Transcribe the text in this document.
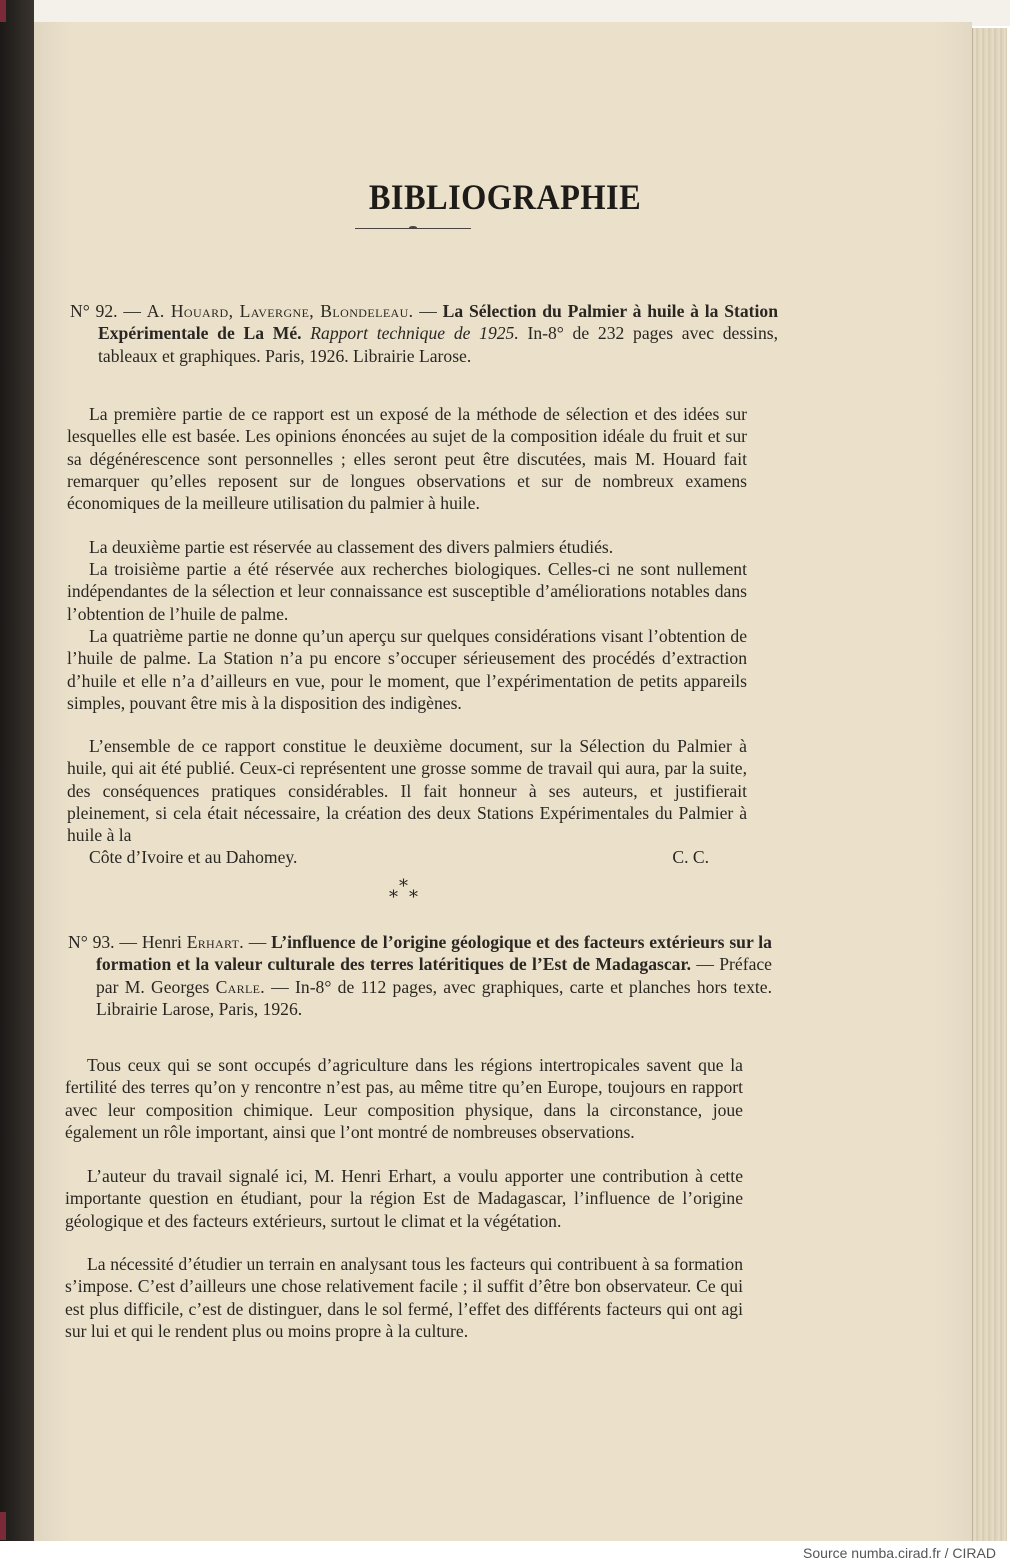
BIBLIOGRAPHIE

N° 92. — A. Houard, Lavergne, Blondeleau. — La Sélection du Palmier à huile à la Station Expérimentale de La Mé. Rapport technique de 1925. In-8° de 232 pages avec dessins, tableaux et graphiques. Paris, 1926. Librairie Larose.

La première partie de ce rapport est un exposé de la méthode de sélection et des idées sur lesquelles elle est basée. Les opinions énoncées au sujet de la composition idéale du fruit et sur sa dégénérescence sont personnelles ; elles seront peut être discutées, mais M. Houard fait remarquer qu’elles reposent sur de longues observations et sur de nombreux examens économiques de la meilleure utilisation du palmier à huile.

La deuxième partie est réservée au classement des divers palmiers étudiés.

La troisième partie a été réservée aux recherches biologiques. Celles-ci ne sont nullement indépendantes de la sélection et leur connaissance est susceptible d’améliorations notables dans l’obtention de l’huile de palme.

La quatrième partie ne donne qu’un aperçu sur quelques considérations visant l’obtention de l’huile de palme. La Station n’a pu encore s’occuper sérieusement des procédés d’extraction d’huile et elle n’a d’ailleurs en vue, pour le moment, que l’expérimentation de petits appareils simples, pouvant être mis à la disposition des indigènes.

L’ensemble de ce rapport constitue le deuxième document, sur la Sélection du Palmier à huile, qui ait été publié. Ceux-ci représentent une grosse somme de travail qui aura, par la suite, des conséquences pratiques considérables. Il fait honneur à ses auteurs, et justifierait pleinement, si cela était nécessaire, la création des deux Stations Expérimentales du Palmier à huile à la
Côte d’Ivoire et au Dahomey.	C. C.

*
* *

N° 93. — Henri Erhart. — L’influence de l’origine géologique et des facteurs extérieurs sur la formation et la valeur culturale des terres latéritiques de l’Est de Madagascar. — Préface par M. Georges Carle. — In-8° de 112 pages, avec graphiques, carte et planches hors texte. Librairie Larose, Paris, 1926.

Tous ceux qui se sont occupés d’agriculture dans les régions intertropicales savent que la fertilité des terres qu’on y rencontre n’est pas, au même titre qu’en Europe, toujours en rapport avec leur composition chimique. Leur composition physique, dans la circonstance, joue également un rôle important, ainsi que l’ont montré de nombreuses observations.

L’auteur du travail signalé ici, M. Henri Erhart, a voulu apporter une contribution à cette importante question en étudiant, pour la région Est de Madagascar, l’influence de l’origine géologique et des facteurs extérieurs, surtout le climat et la végétation.

La nécessité d’étudier un terrain en analysant tous les facteurs qui contribuent à sa formation s’impose. C’est d’ailleurs une chose relativement facile ; il suffit d’être bon observateur. Ce qui est plus difficile, c’est de distinguer, dans le sol fermé, l’effet des différents facteurs qui ont agi sur lui et qui le rendent plus ou moins propre à la culture.

Source numba.cirad.fr / CIRAD
